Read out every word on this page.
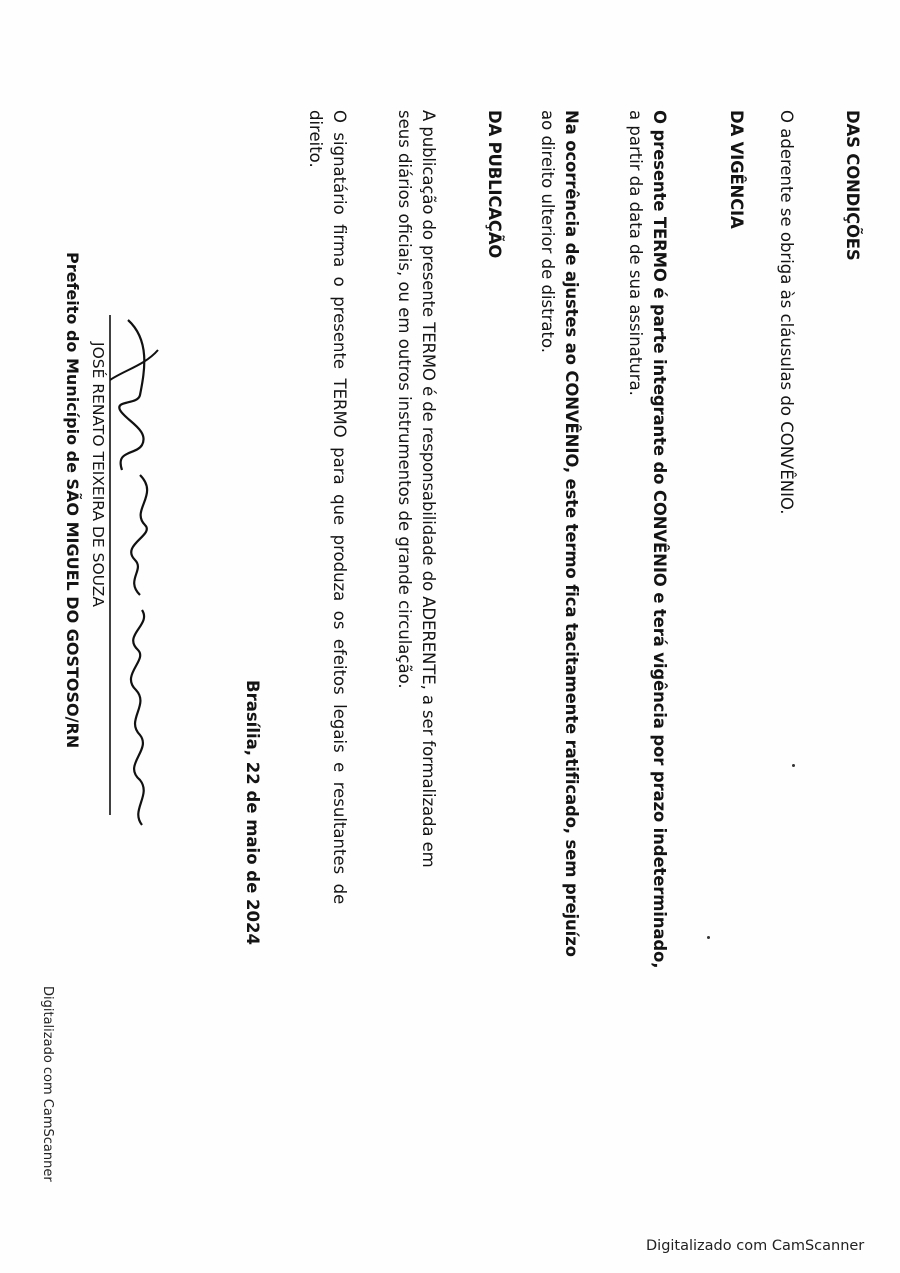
DAS CONDIÇÕES
O aderente se obriga às cláusulas do CONVÊNIO.
DA VIGÊNCIA
O presente TERMO é parte integrante do CONVÊNIO e terá vigência por prazo indeterminado,
a partir da data de sua assinatura.
Na ocorrência de ajustes ao CONVÊNIO, este termo fica tacitamente ratificado, sem prejuízo
ao direito ulterior de distrato.
DA PUBLICAÇÃO
A publicação do presente TERMO é de responsabilidade do ADERENTE, a ser formalizada em
seus diários oficiais, ou em outros instrumentos de grande circulação.
O signatário firma o presente TERMO para que produza os efeitos legais e resultantes de
direito.
Brasília, 22 de maio de 2024
JOSÉ RENATO TEIXEIRA DE SOUZA
Prefeito do Município de SÃO MIGUEL DO GOSTOSO/RN
Digitalizado com CamScanner
Digitalizado com CamScanner
